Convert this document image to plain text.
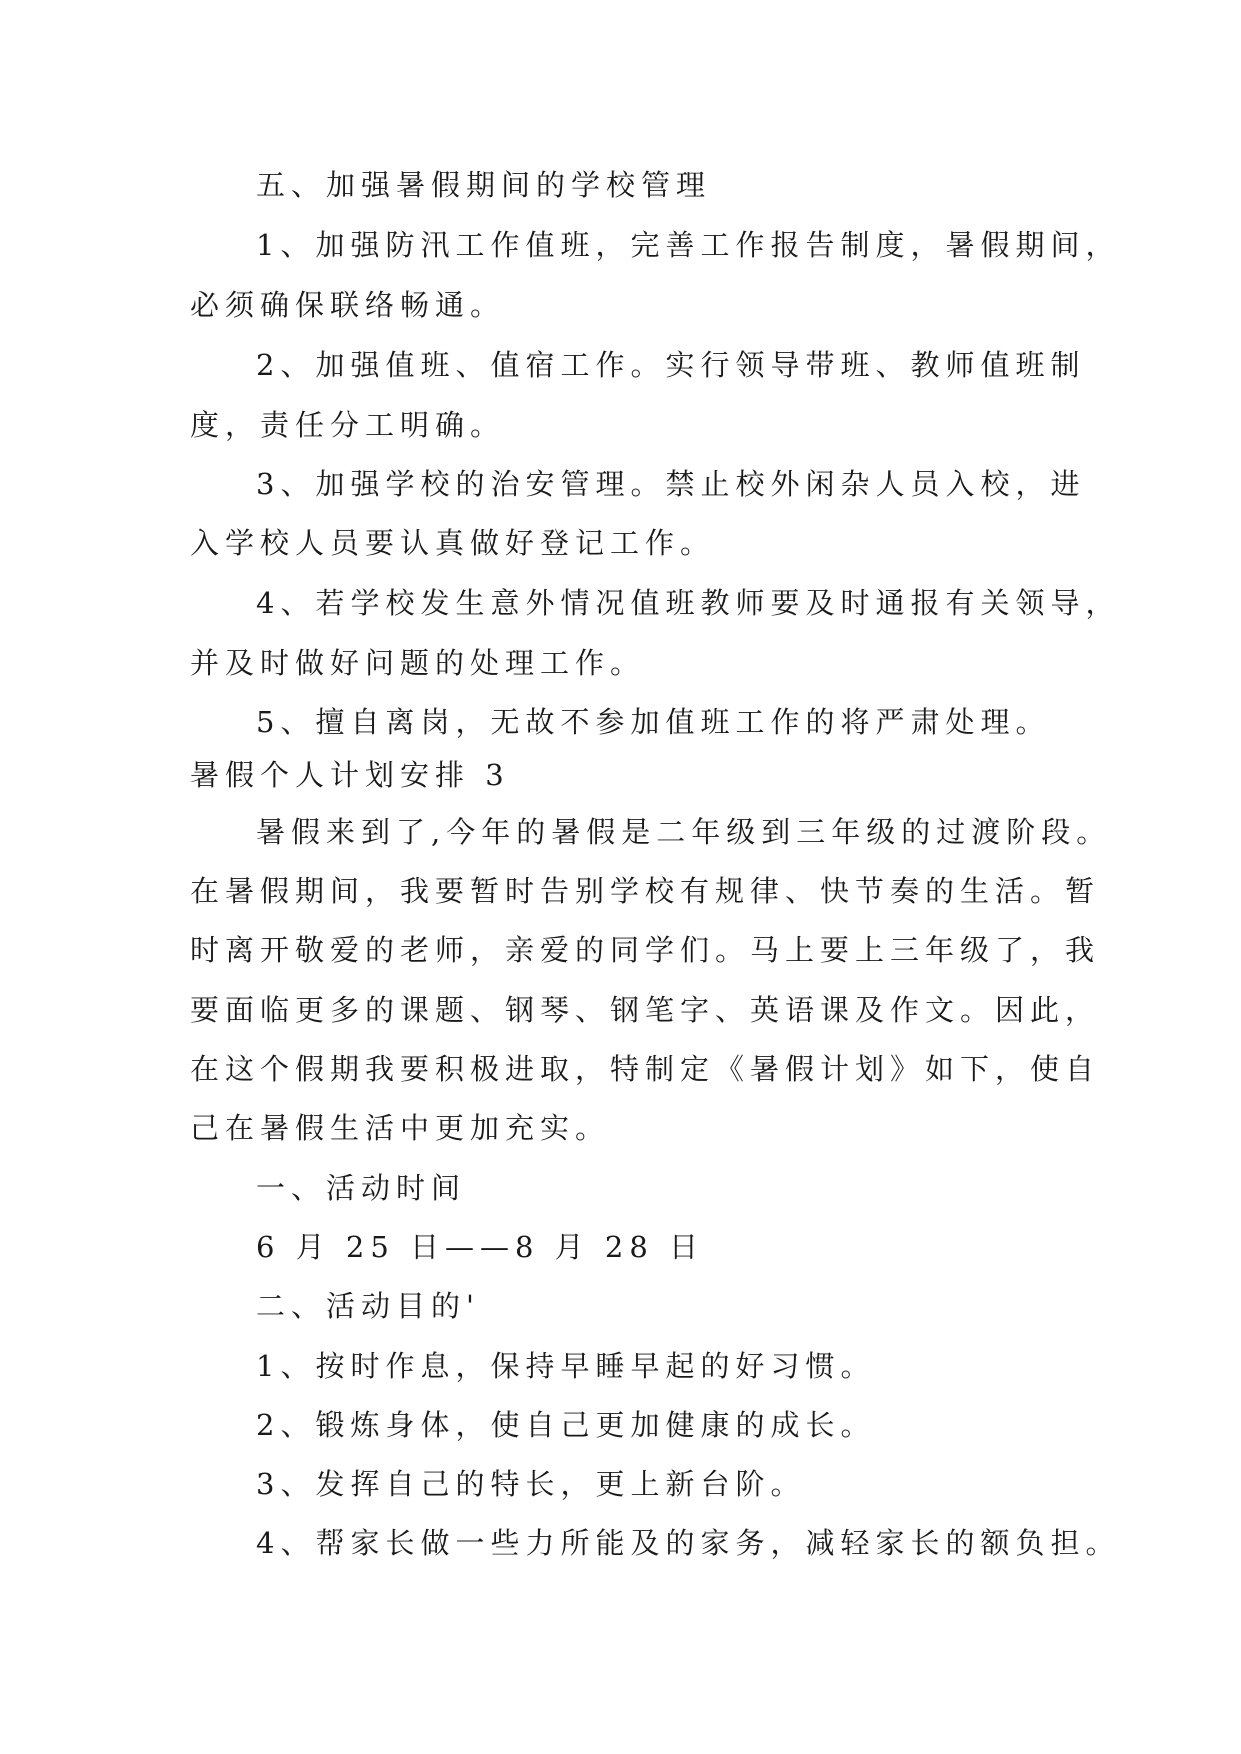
五、加强暑假期间的学校管理
1、加强防汛工作值班，完善工作报告制度，暑假期间，
必须确保联络畅通。
2、加强值班、值宿工作。实行领导带班、教师值班制
度，责任分工明确。
3、加强学校的治安管理。禁止校外闲杂人员入校，进
入学校人员要认真做好登记工作。
4、若学校发生意外情况值班教师要及时通报有关领导，
并及时做好问题的处理工作。
5、擅自离岗，无故不参加值班工作的将严肃处理。
暑假个人计划安排 3
暑假来到了,今年的暑假是二年级到三年级的过渡阶段。
在暑假期间，我要暂时告别学校有规律、快节奏的生活。暂
时离开敬爱的老师，亲爱的同学们。马上要上三年级了，我
要面临更多的课题、钢琴、钢笔字、英语课及作文。因此，
在这个假期我要积极进取，特制定《暑假计划》如下，使自
己在暑假生活中更加充实。
一、活动时间
6 月 25 日——8 月 28 日
二、活动目的'
1、按时作息，保持早睡早起的好习惯。
2、锻炼身体，使自己更加健康的成长。
3、发挥自己的特长，更上新台阶。
4、帮家长做一些力所能及的家务，减轻家长的额负担。
